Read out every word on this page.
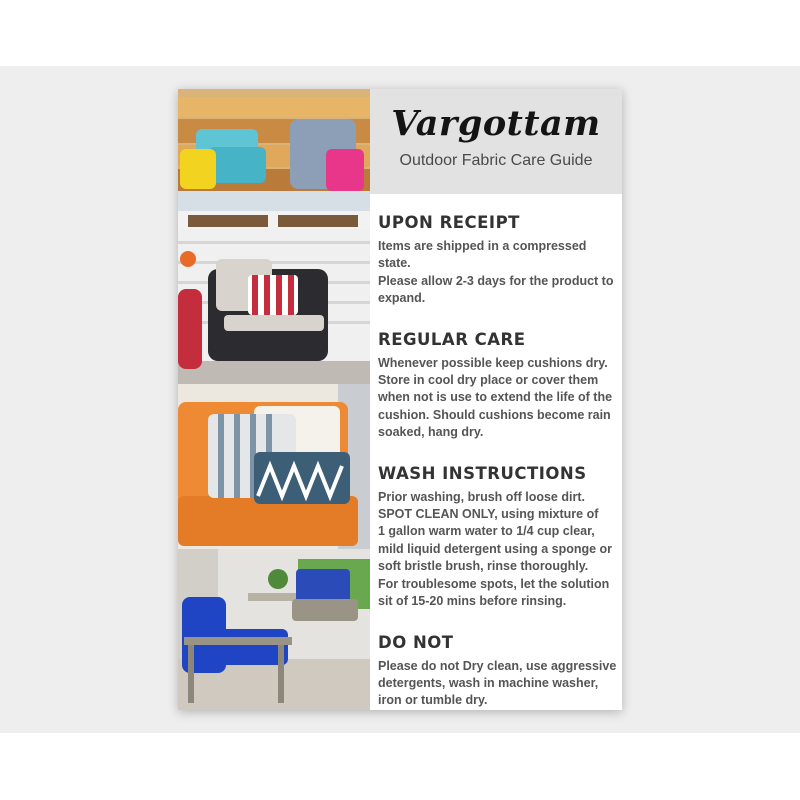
Vargottam
Outdoor Fabric Care Guide
UPON RECEIPT

Items are shipped in a compressed state.
Please allow 2-3 days for the product to expand.

REGULAR CARE

Whenever possible keep cushions dry.
Store in cool dry place or cover them when not is use to extend the life of the cushion. Should cushions become rain soaked, hang dry.

WASH INSTRUCTIONS

Prior washing, brush off loose dirt.
SPOT CLEAN ONLY, using mixture of
1 gallon warm water to 1/4 cup clear, mild liquid detergent using a sponge or soft bristle brush, rinse thoroughly.
For troublesome spots, let the solution sit of 15-20 mins before rinsing.

DO NOT

Please do not Dry clean, use aggressive detergents, wash in machine washer, iron or tumble dry.
